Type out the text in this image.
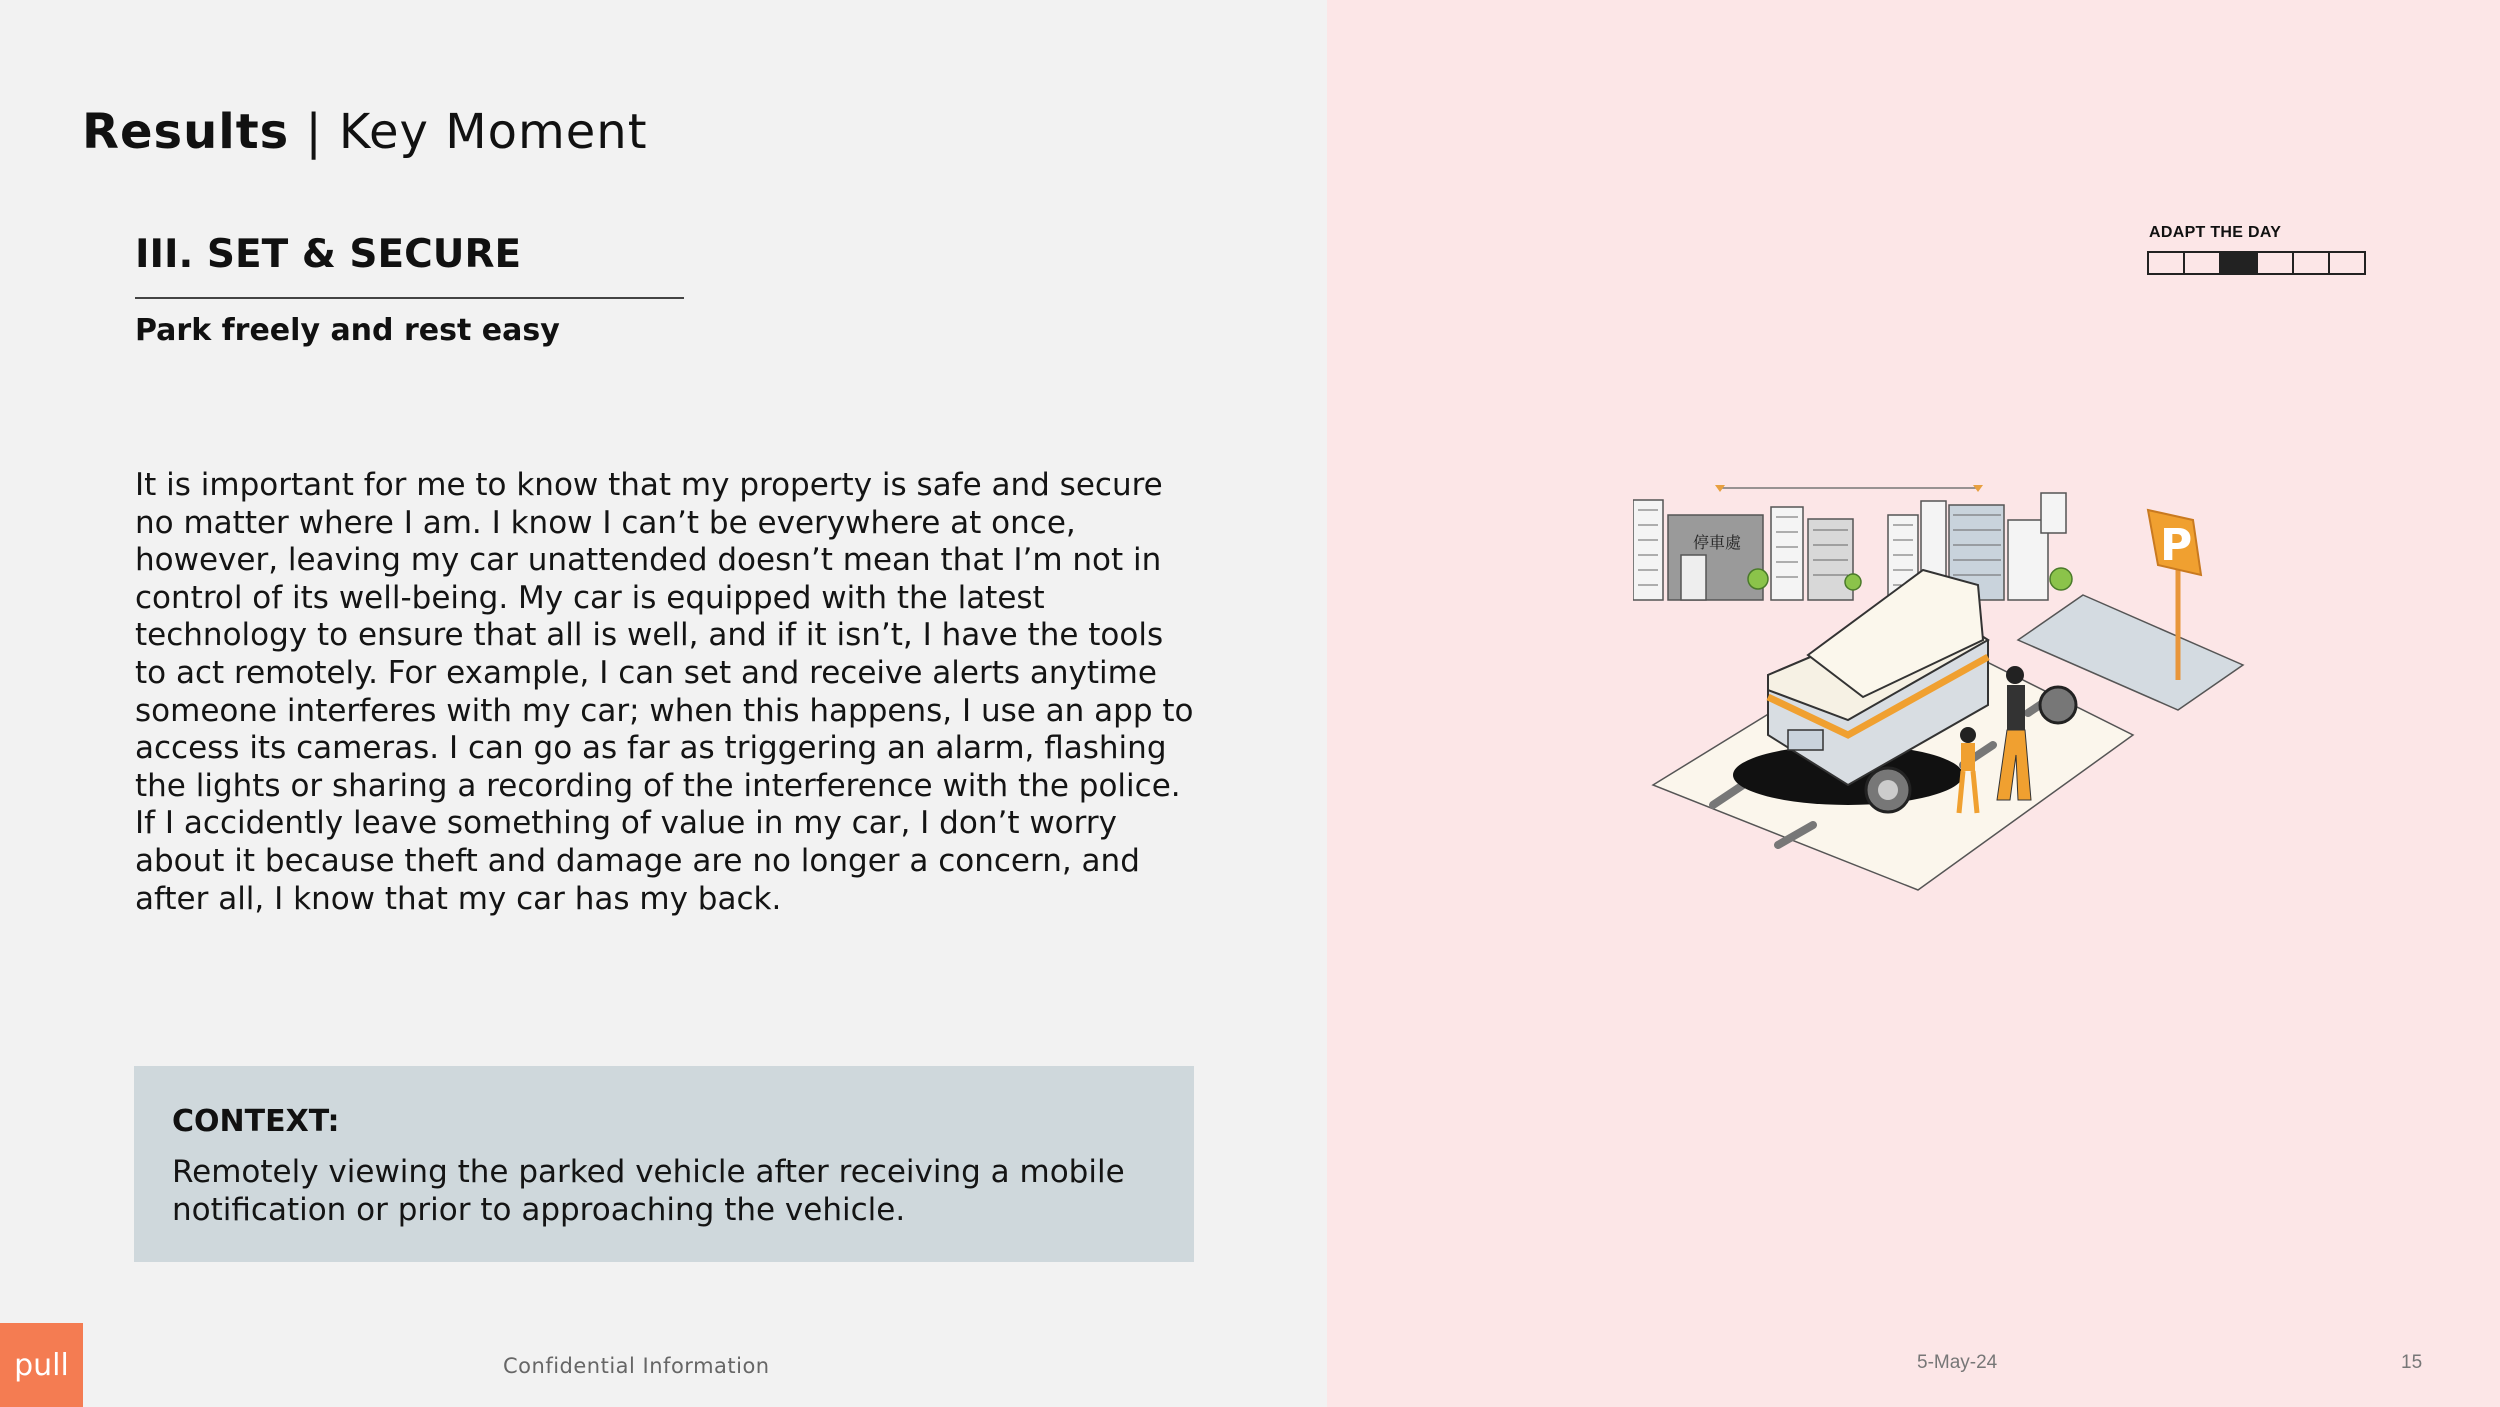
Results | Key Moment
III. SET & SECURE
Park freely and rest easy

It is important for me to know that my property is safe and secure no matter where I am. I know I can’t be everywhere at once, however, leaving my car unattended doesn’t mean that I’m not in control of its well-being. My car is equipped with the latest technology to ensure that all is well, and if it isn’t, I have the tools to act remotely. For example, I can set and receive alerts anytime someone interferes with my car; when this happens, I use an app to access its cameras. I can go as far as triggering an alarm, flashing the lights or sharing a recording of the interference with the police. If I accidently leave something of value in my car, I don’t worry about it because theft and damage are no longer a concern, and after all, I know that my car has my back.

CONTEXT:
Remotely viewing the parked vehicle after receiving a mobile notification or prior to approaching the vehicle.
ADAPT THE DAY
停車處	P
pull	Confidential Information	5-May-24	15
